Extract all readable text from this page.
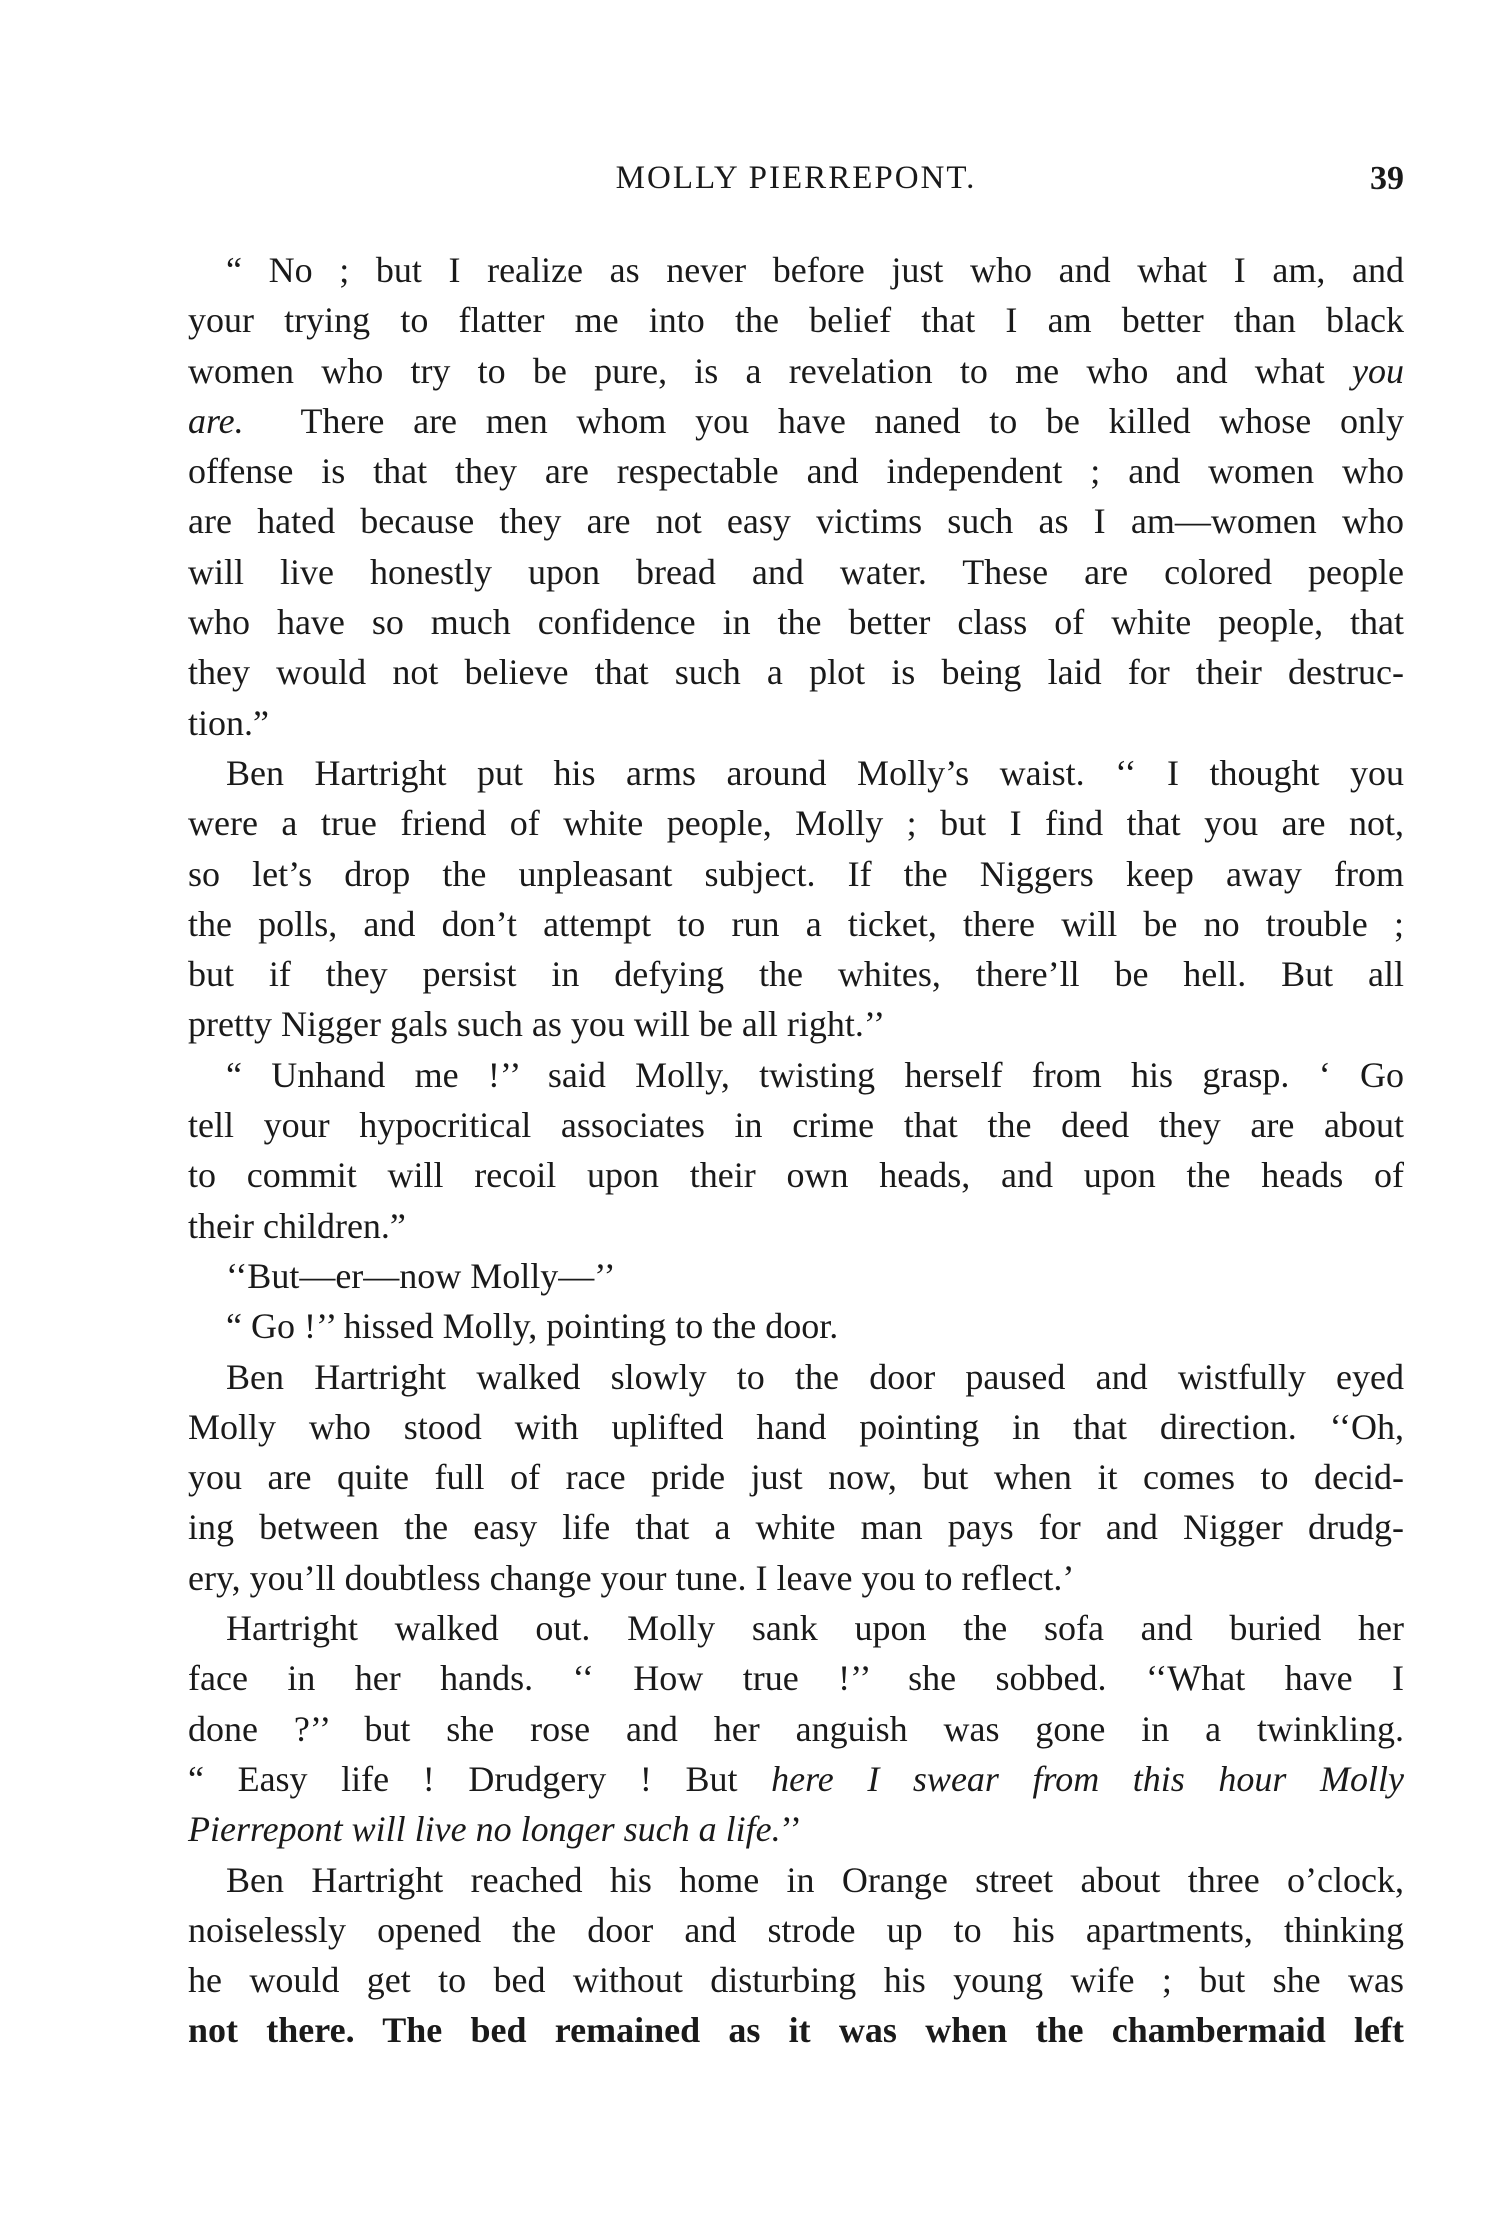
MOLLY PIERREPONT.	39
“ No ; but I realize as never before just who and what I am, and
your trying to flatter me into the belief that I am better than black
women who try to be pure, is a revelation to me who and what you
are. There are men whom you have naned to be killed whose only
offense is that they are respectable and independent ; and women who
are hated because they are not easy victims such as I am—women who
will live honestly upon bread and water. These are colored people
who have so much confidence in the better class of white people, that
they would not believe that such a plot is being laid for their destruc-
tion.”
Ben Hartright put his arms around Molly’s waist. ‘‘ I thought you
were a true friend of white people, Molly ; but I find that you are not,
so let’s drop the unpleasant subject. If the Niggers keep away from
the polls, and don’t attempt to run a ticket, there will be no trouble ;
but if they persist in defying the whites, there’ll be hell. But all
pretty Nigger gals such as you will be all right.’’
“ Unhand me !’’ said Molly, twisting herself from his grasp. ‘ Go
tell your hypocritical associates in crime that the deed they are about
to commit will recoil upon their own heads, and upon the heads of
their children.”
‘‘But—er—now Molly—’’
“ Go !’’ hissed Molly, pointing to the door.
Ben Hartright walked slowly to the door paused and wistfully eyed
Molly who stood with uplifted hand pointing in that direction. ‘‘Oh,
you are quite full of race pride just now, but when it comes to decid-
ing between the easy life that a white man pays for and Nigger drudg-
ery, you’ll doubtless change your tune. I leave you to reflect.’
Hartright walked out. Molly sank upon the sofa and buried her
face in her hands. ‘‘ How true !’’ she sobbed. ‘‘What have I
done ?’’ but she rose and her anguish was gone in a twinkling.
“ Easy life ! Drudgery ! But here I swear from this hour Molly
Pierrepont will live no longer such a life.’’
Ben Hartright reached his home in Orange street about three o’clock,
noiselessly opened the door and strode up to his apartments, thinking
he would get to bed without disturbing his young wife ; but she was
not there. The bed remained as it was when the chambermaid left
